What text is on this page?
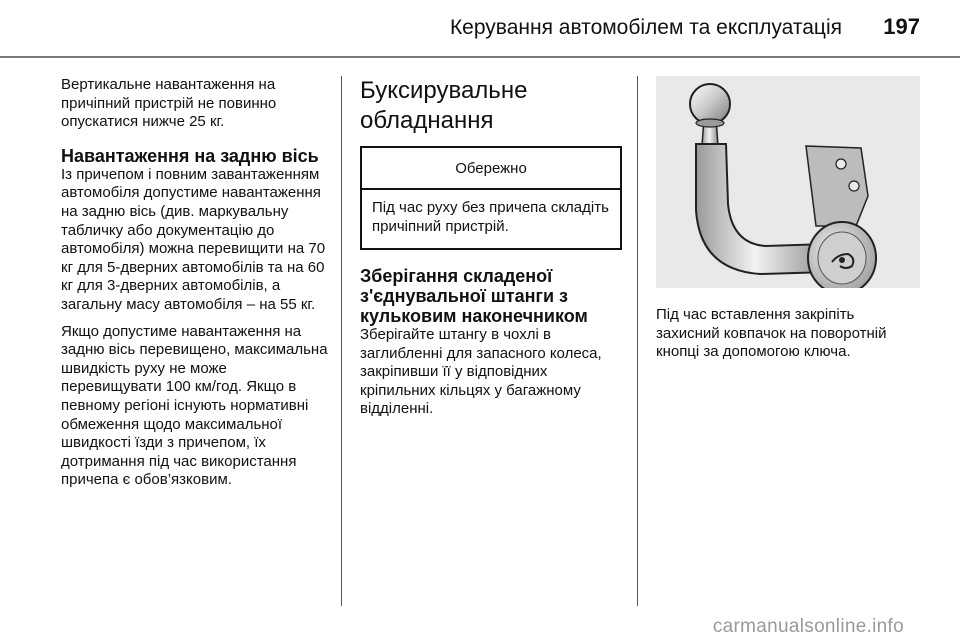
Керування автомобілем та експлуатація 197

Вертикальне навантаження на причіпний пристрій не повинно опускатися нижче 25 кг.

Навантаження на задню вісь

Із причепом і повним завантаженням автомобіля допустиме навантаження на задню вісь (див. маркувальну табличку або документацію до автомобіля) можна перевищити на 70 кг для 5-дверних автомобілів та на 60 кг для 3-дверних автомобілів, а загальну масу автомобіля – на 55 кг.

Якщо допустиме навантаження на задню вісь перевищено, максимальна швидкість руху не може перевищувати 100 км/год. Якщо в певному регіоні існують нормативні обмеження щодо максимальної швидкості їзди з причепом, їх дотримання під час використання причепа є обов’язковим.

Буксирувальне обладнання
Обережно
Під час руху без причепа складіть причіпний пристрій.
Зберігання складеної з'єднувальної штанги з кульковим наконечником

Зберігайте штангу в чохлі в заглибленні для запасного колеса, закріпивши її у відповідних кріпильних кільцях у багажному відділенні.

Під час вставлення закріпіть захисний ковпачок на поворотній кнопці за допомогою ключа.

carmanualsonline.info
